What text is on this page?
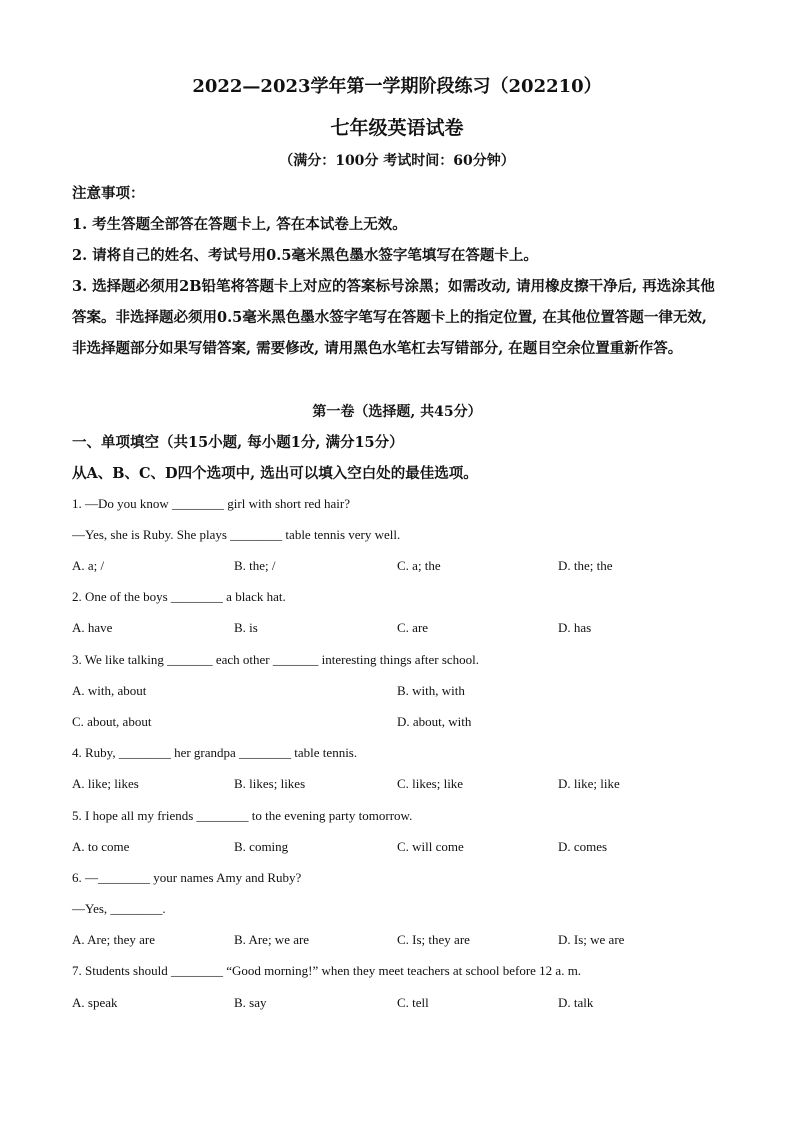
2022—2023学年第一学期阶段练习（202210）
七年级英语试卷
（满分：100分 考试时间：60分钟）

注意事项：

1. 考生答题全部答在答题卡上, 答在本试卷上无效。

2. 请将自己的姓名、考试号用0.5毫米黑色墨水签字笔填写在答题卡上。

3. 选择题必须用2B铅笔将答题卡上对应的答案标号涂黑；如需改动, 请用橡皮擦干净后, 再选涂其他答案。非选择题必须用0.5毫米黑色墨水签字笔写在答题卡上的指定位置, 在其他位置答题一律无效, 非选择题部分如果写错答案, 需要修改, 请用黑色水笔杠去写错部分, 在题目空余位置重新作答。

第一卷（选择题, 共45分）
一、单项填空（共15小题, 每小题1分, 满分15分）
从A、B、C、D四个选项中, 选出可以填入空白处的最佳选项。
1. —Do you know ________ girl with short red hair?
—Yes, she is Ruby. She plays ________ table tennis very well.
A. a; /	B. the; /	C. a; the	D. the; the
2. One of the boys ________ a black hat.
A. have	B. is	C. are	D. has
3. We like talking _______ each other _______ interesting things after school.
A. with, about	B. with, with
C. about, about	D. about, with
4. Ruby, ________ her grandpa ________ table tennis.
A. like; likes	B. likes; likes	C. likes; like	D. like; like
5. I hope all my friends ________ to the evening party tomorrow.
A. to come	B. coming	C. will come	D. comes
6. —________ your names Amy and Ruby?
—Yes, ________.
A. Are; they are	B. Are; we are	C. Is; they are	D. Is; we are
7. Students should ________ “Good morning!” when they meet teachers at school before 12 a. m.
A. speak	B. say	C. tell	D. talk
